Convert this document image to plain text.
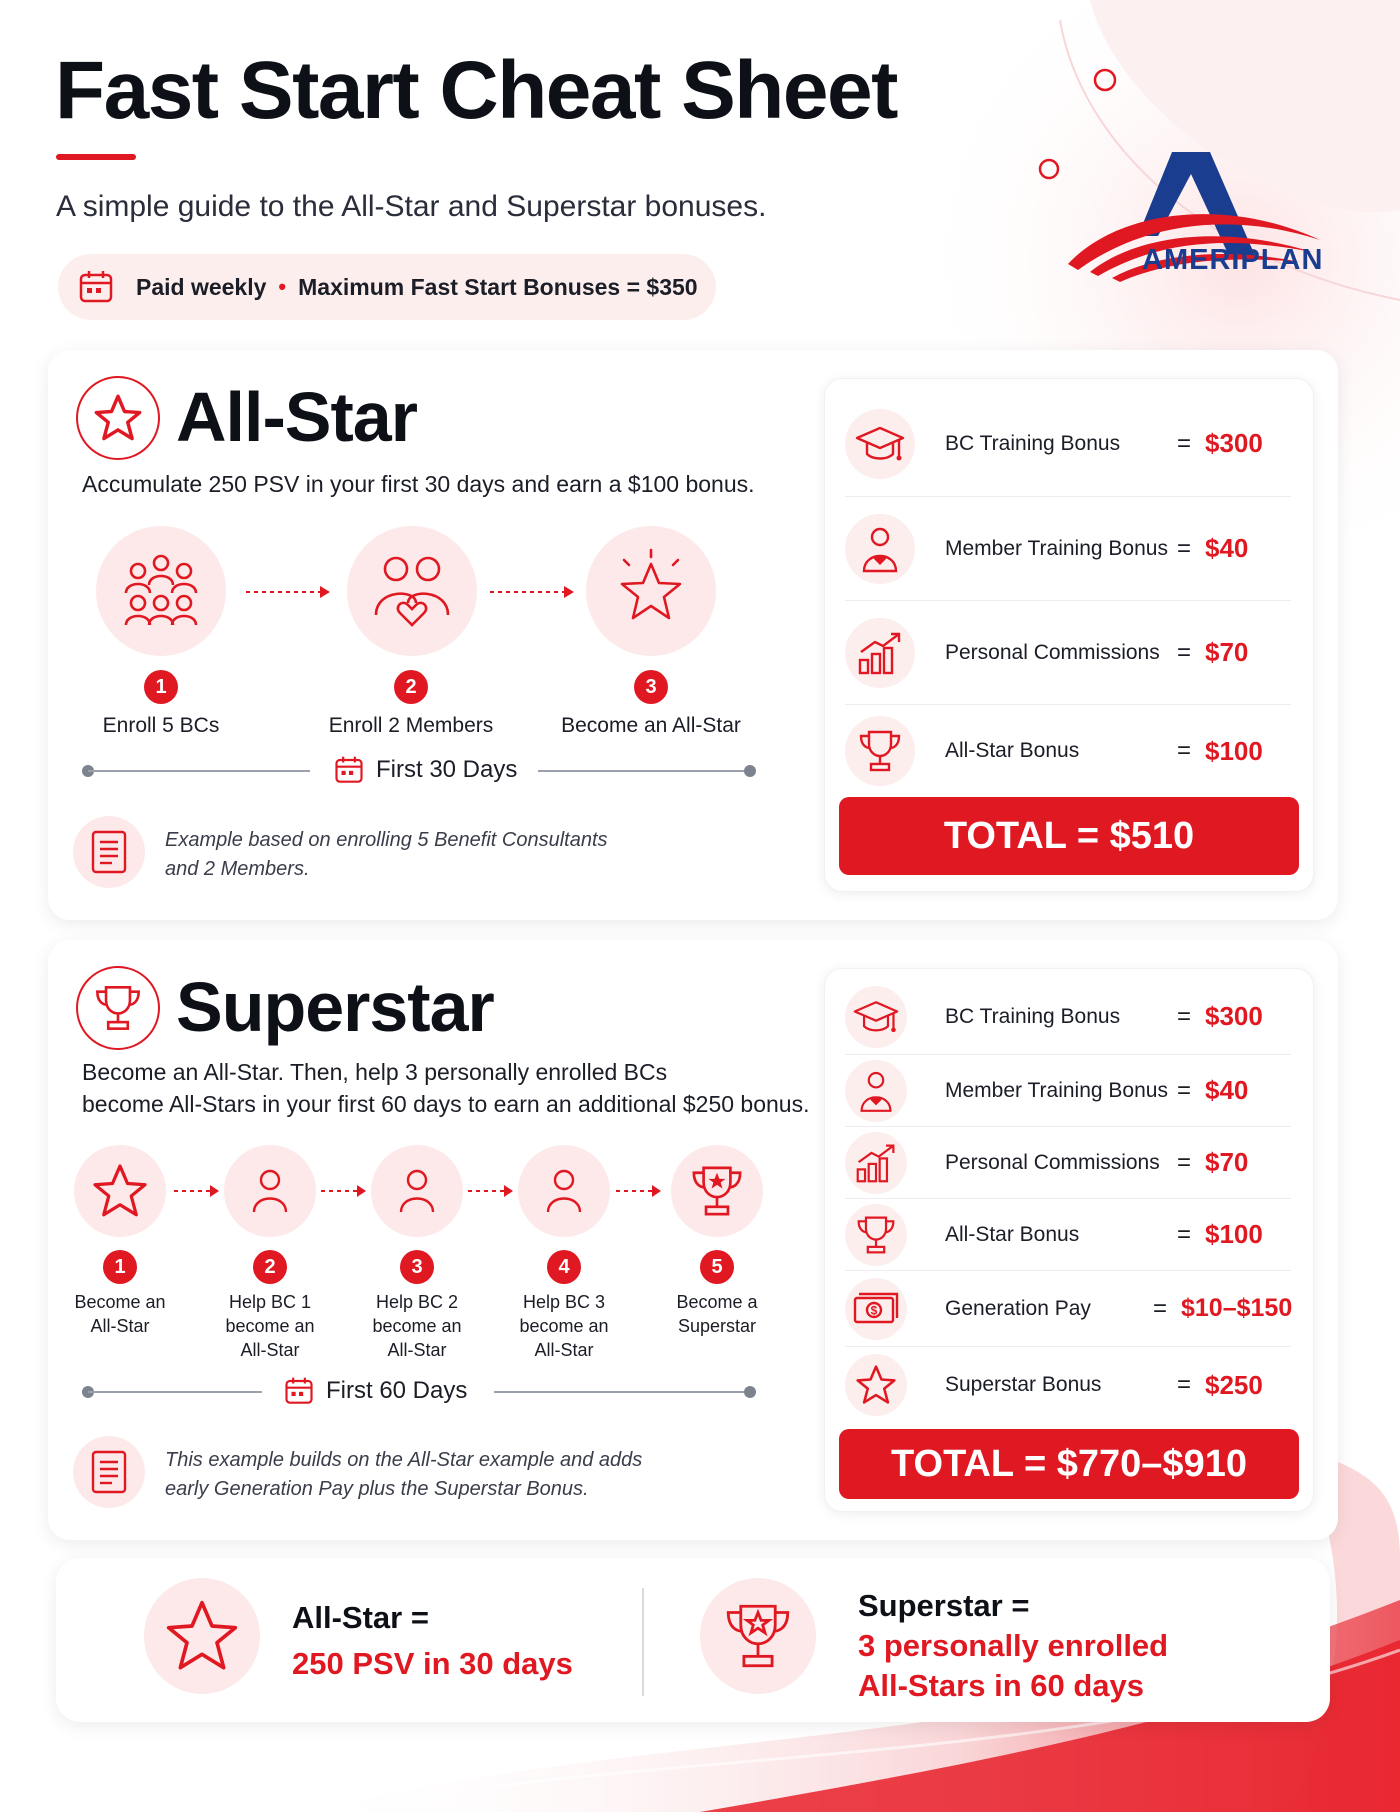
Fast Start Cheat Sheet
A simple guide to the All-Star and Superstar bonuses.
Paid weekly • Maximum Fast Start Bonuses = $350
AMERIPLAN
All-Star
Accumulate 250 PSV in your first 30 days and earn a $100 bonus.
1	2	3
Enroll 5 BCs	Enroll 2 Members	Become an All-Star
First 30 Days
Example based on enrolling 5 Benefit Consultants
and 2 Members.
BC Training Bonus	= $300
Member Training Bonus = $40
Personal Commissions = $70
All-Star Bonus	= $100
TOTAL = $510
Superstar
Become an All-Star. Then, help 3 personally enrolled BCs
become All-Stars in your first 60 days to earn an additional $250 bonus.
1	2	3	4	5
Become an
All-Star
Help BC 1
become an
All-Star
Help BC 2
become an
All-Star
Help BC 3
become an
All-Star
Become a
Superstar
First 60 Days
This example builds on the All-Star example and adds
early Generation Pay plus the Superstar Bonus.
BC Training Bonus	= $300
Member Training Bonus = $40
Personal Commissions = $70
All-Star Bonus	= $100
$	Generation Pay	= $10–$150
Superstar Bonus	= $250
TOTAL = $770–$910
All-Star =
250 PSV in 30 days
Superstar =
3 personally enrolled
All-Stars in 60 days
